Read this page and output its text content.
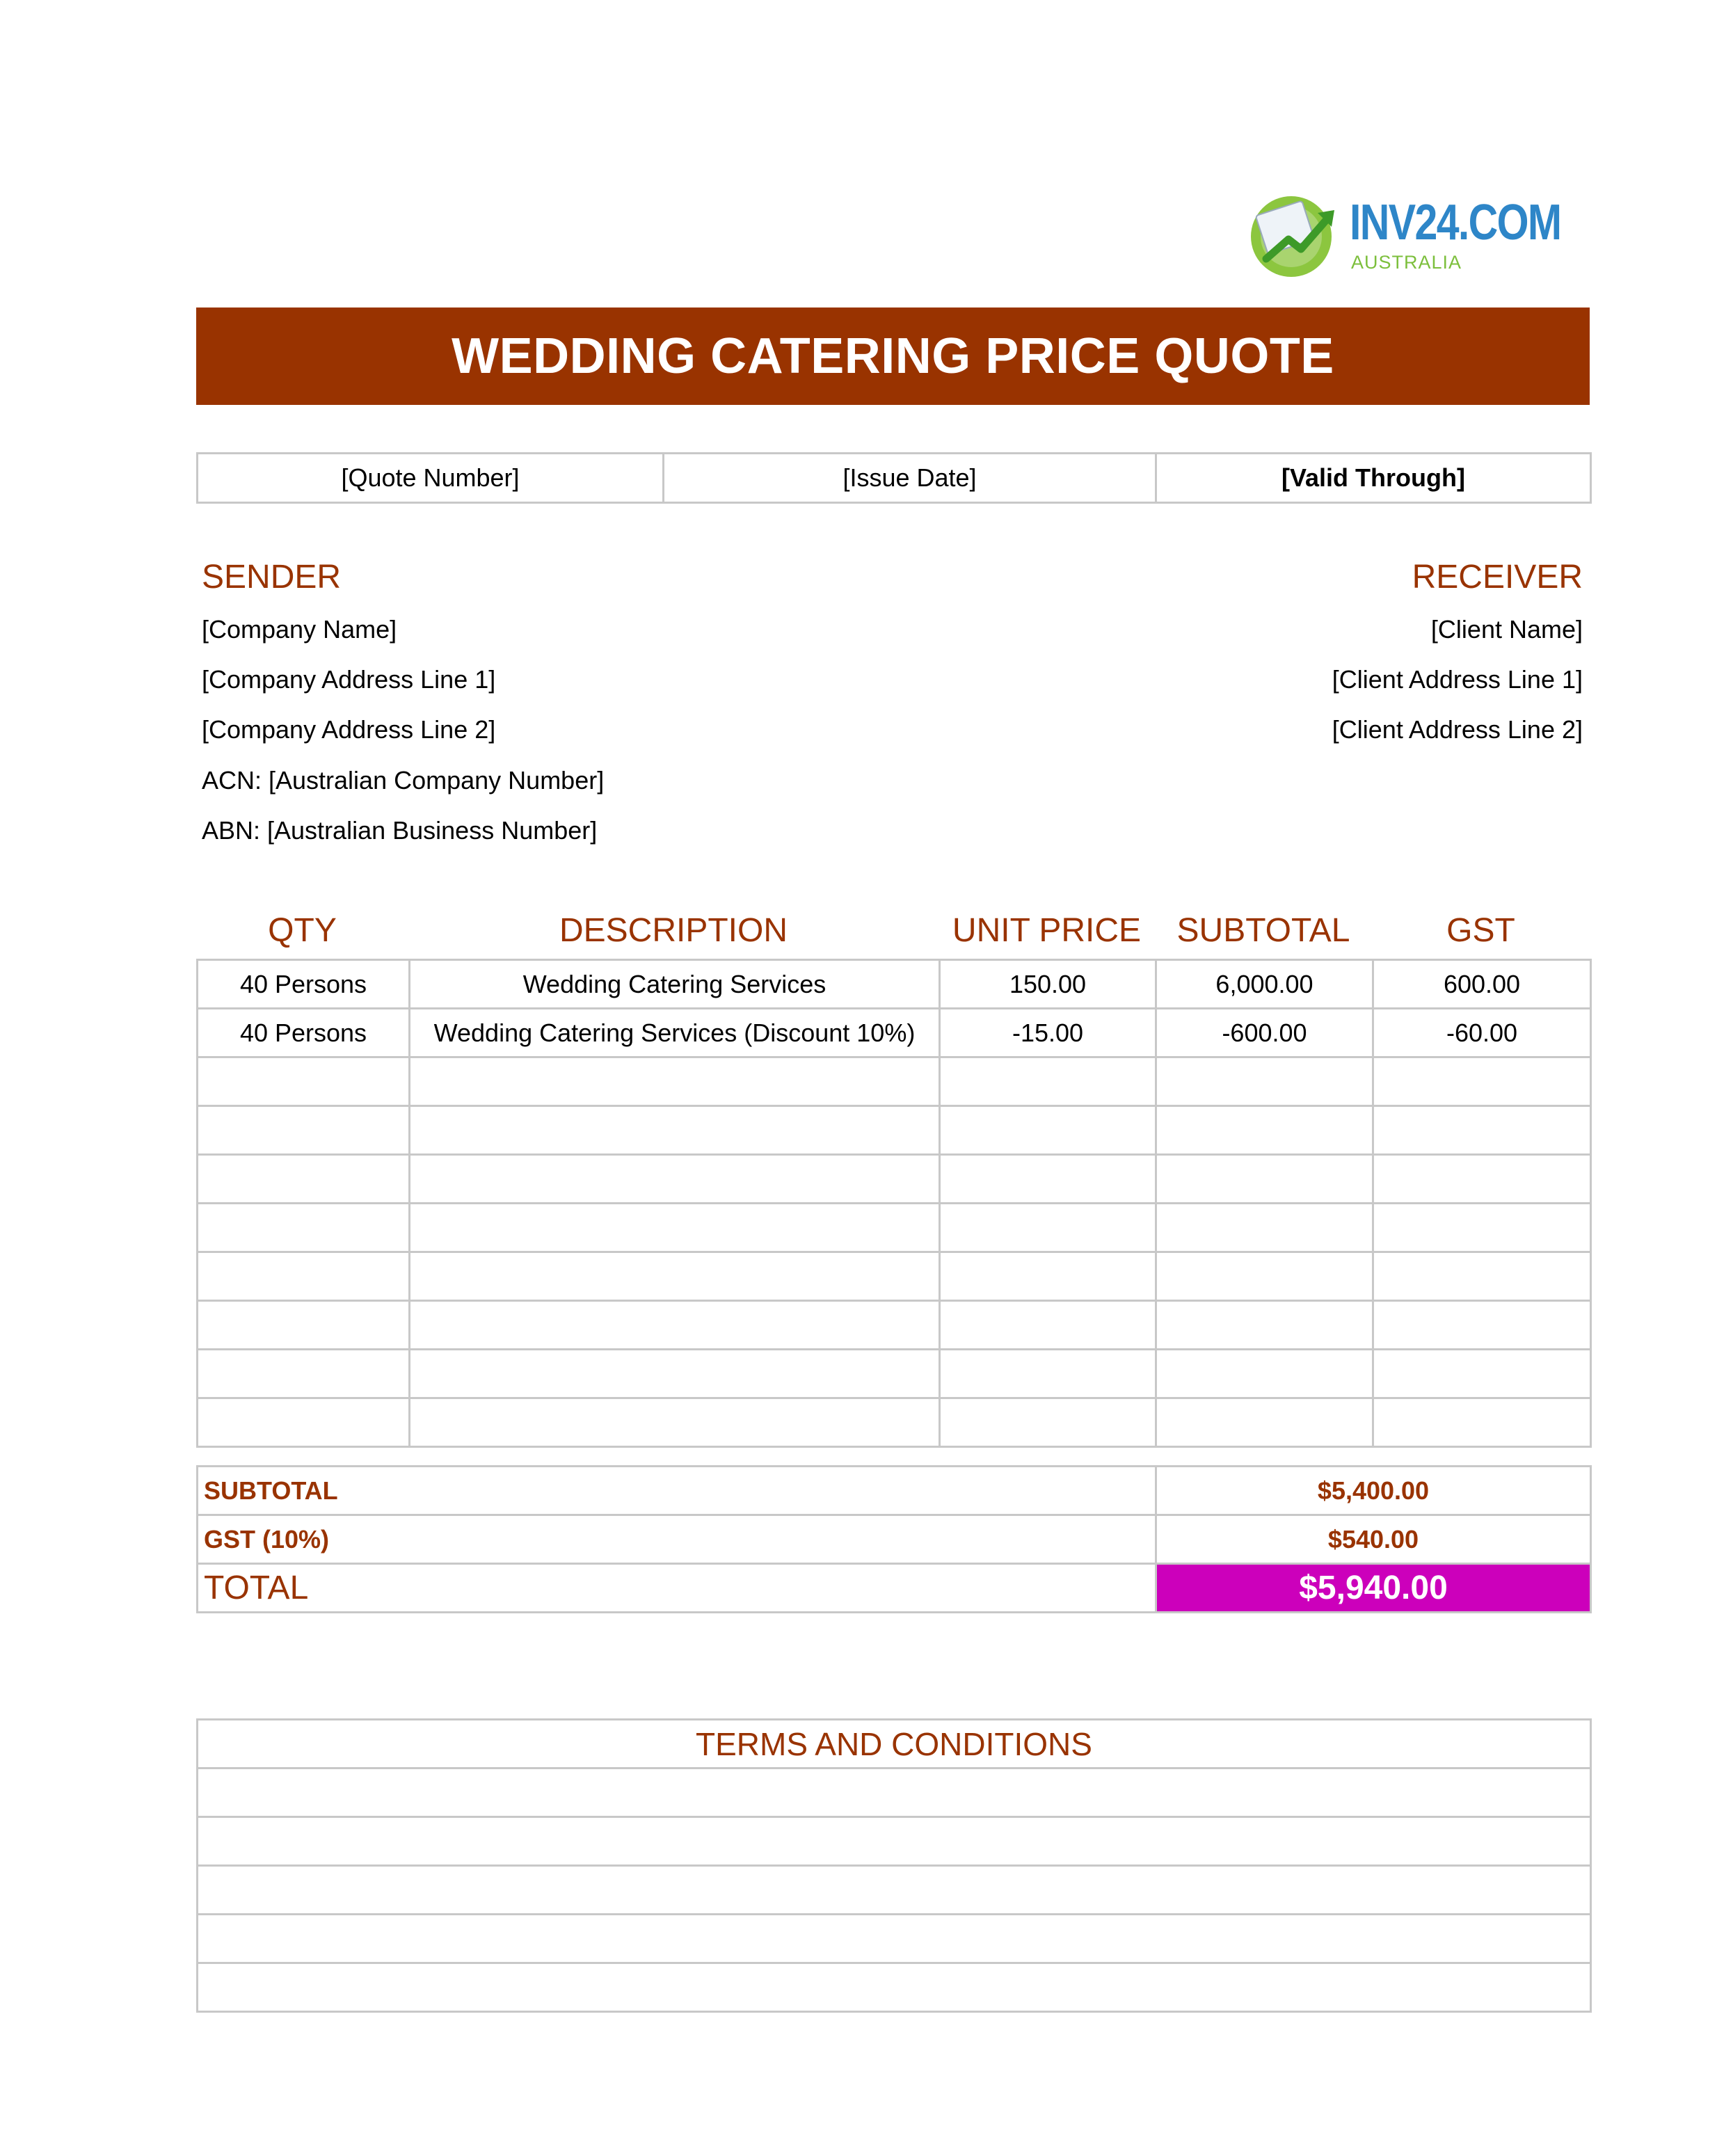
INV24.COM
AUSTRALIA
WEDDING CATERING PRICE QUOTE
[Quote Number]	[Issue Date]	[Valid Through]
SENDER
[Company Name]
[Company Address Line 1]
[Company Address Line 2]
ACN: [Australian Company Number]
ABN: [Australian Business Number]
RECEIVER
[Client Name]
[Client Address Line 1]
[Client Address Line 2]
QTY	DESCRIPTION	UNIT PRICE	SUBTOTAL	GST
40 Persons	Wedding Catering Services	150.00	6,000.00	600.00
40 Persons	Wedding Catering Services (Discount 10%)	-15.00	-600.00	-60.00

SUBTOTAL	$5,400.00
GST (10%)	$540.00
TOTAL	$5,940.00
TERMS AND CONDITIONS
